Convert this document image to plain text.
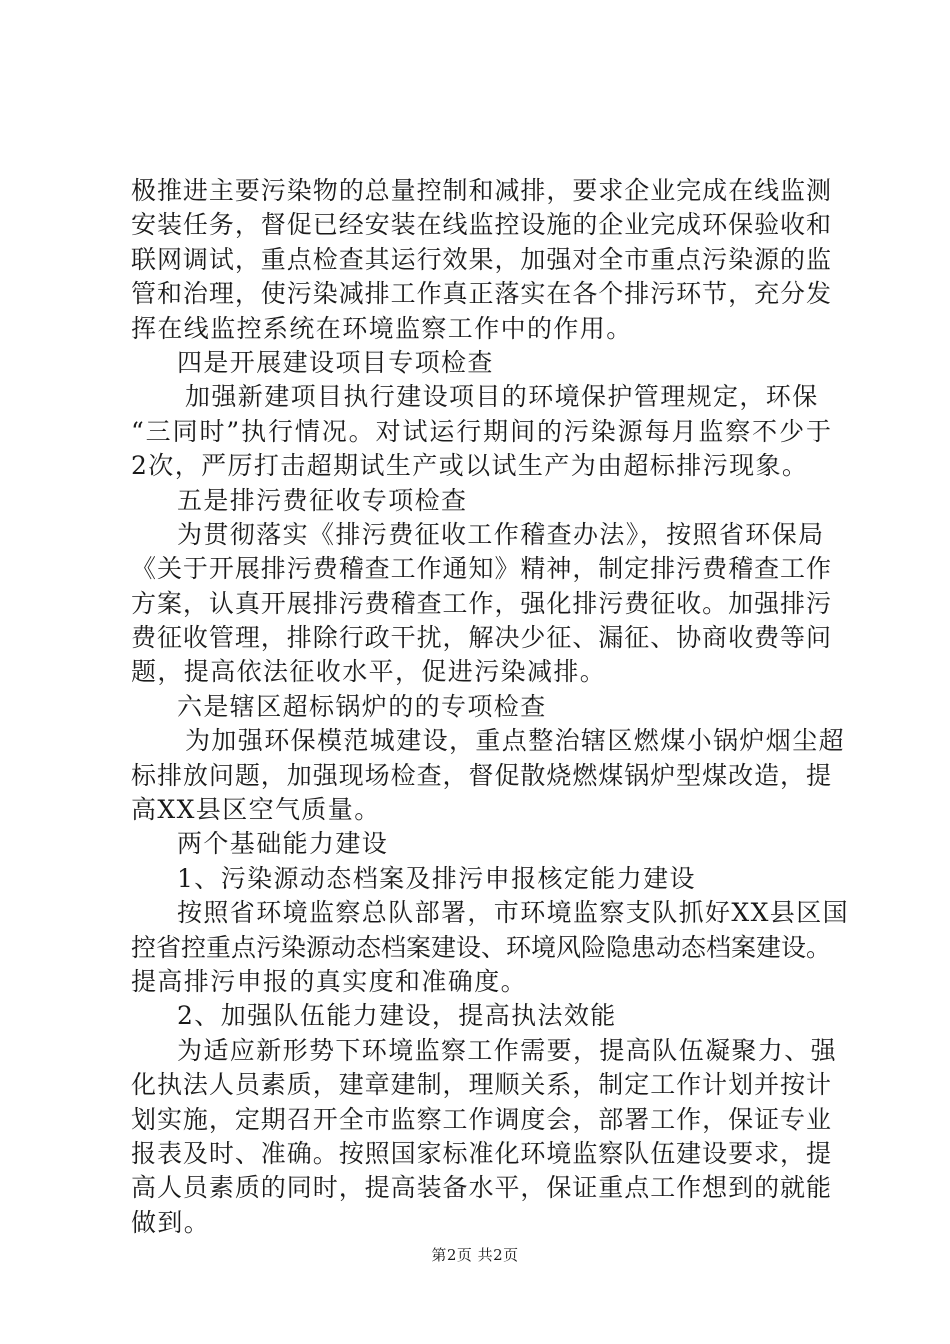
极推进主要污染物的总量控制和减排，要求企业完成在线监测
安装任务，督促已经安装在线监控设施的企业完成环保验收和
联网调试，重点检查其运行效果，加强对全市重点污染源的监
管和治理，使污染减排工作真正落实在各个排污环节，充分发
挥在线监控系统在环境监察工作中的作用。
四是开展建设项目专项检查
加强新建项目执行建设项目的环境保护管理规定，环保
“三同时”执行情况。对试运行期间的污染源每月监察不少于
2次，严厉打击超期试生产或以试生产为由超标排污现象。
五是排污费征收专项检查
为贯彻落实《排污费征收工作稽查办法》，按照省环保局
《关于开展排污费稽查工作通知》精神，制定排污费稽查工作
方案，认真开展排污费稽查工作，强化排污费征收。加强排污
费征收管理，排除行政干扰，解决少征、漏征、协商收费等问
题，提高依法征收水平，促进污染减排。
六是辖区超标锅炉的的专项检查
为加强环保模范城建设，重点整治辖区燃煤小锅炉烟尘超
标排放问题，加强现场检查，督促散烧燃煤锅炉型煤改造，提
高XX县区空气质量。
两个基础能力建设
1、污染源动态档案及排污申报核定能力建设
按照省环境监察总队部署，市环境监察支队抓好XX县区国
控省控重点污染源动态档案建设、环境风险隐患动态档案建设。
提高排污申报的真实度和准确度。
2、加强队伍能力建设，提高执法效能
为适应新形势下环境监察工作需要，提高队伍凝聚力、强
化执法人员素质，建章建制，理顺关系，制定工作计划并按计
划实施，定期召开全市监察工作调度会，部署工作，保证专业
报表及时、准确。按照国家标准化环境监察队伍建设要求，提
高人员素质的同时，提高装备水平，保证重点工作想到的就能
做到。
第2页 共2页
